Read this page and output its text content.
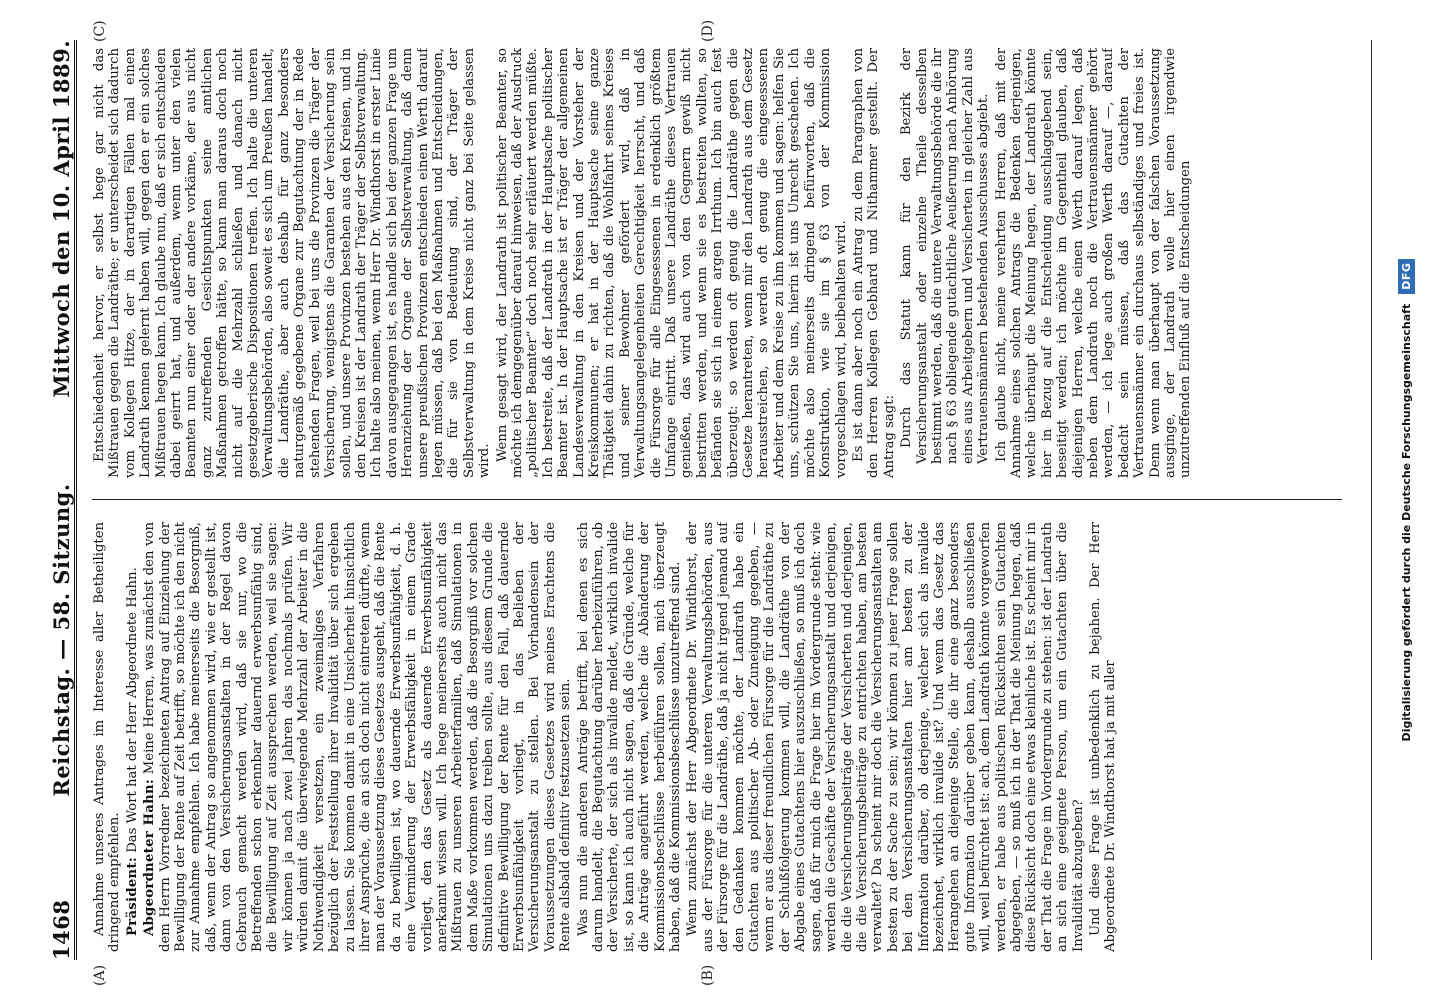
1468
Reichstag. — 58. Sitzung.
Mittwoch den 10. April 1889.
(A)	(B)
(C)	(D)

Annahme unseres Antrages im Interesse aller Betheiligten dringend empfehlen. Präsident: Das Wort hat der Herr Abgeordnete Hahn.

Abgeordneter Hahn: Meine Herren, was zunächst den von dem Herrn Vorredner bezeichneten Antrag auf Einziehung der Bewilligung der Rente auf Zeit betrifft, so möchte ich den nicht zur Annahme empfehlen. Ich habe meinerseits die Besorgniß, daß, wenn der Antrag so angenommen wird, wie er gestellt ist, dann von den Versicherungsanstalten in der Regel davon Gebrauch gemacht werden wird, daß sie nur, wo die Betreffenden schon erkennbar dauernd erwerbsunfähig sind, die Bewilligung auf Zeit aussprechen werden, weil sie sagen: wir können ja nach zwei Jahren das nochmals prüfen. Wir würden damit die überwiegende Mehrzahl der Arbeiter in die Nothwendigkeit versetzen, ein zweimaliges Verfahren bezüglich der Feststellung ihrer Invalidität über sich ergehen zu lassen. Sie kommen damit in eine Unsicherheit hinsichtlich ihrer Ansprüche, die an sich doch nicht eintreten dürfte, wenn man der Voraussetzung dieses Gesetzes ausgeht, daß die Rente da zu bewilligen ist, wo dauernde Erwerbsunfähigkeit, d. h. eine Verminderung der Erwerbsfähigkeit in einem Grade vorliegt, den das Gesetz als dauernde Erwerbsunfähigkeit anerkannt wissen will. Ich hege meinerseits auch nicht das Mißtrauen zu unseren Arbeiterfamilien, daß Simulationen in dem Maße vorkommen werden, daß die Besorgniß vor solchen Simulationen uns dazu treiben sollte, aus diesem Grunde die definitive Bewilligung der Rente für den Fall, daß dauernde Erwerbsunfähigkeit vorliegt, in das Belieben der Versicherungsanstalt zu stellen. Bei Vorhandensein der Voraussetzungen dieses Gesetzes wird meines Erachtens die Rente alsbald definitiv festzusetzen sein. Was nun die anderen Anträge betrifft, bei denen es sich darum handelt, die Begutachtung darüber herbeizuführen, ob der Versicherte, der sich als invalide meldet, wirklich invalide ist, so kann ich auch nicht sagen, daß die Gründe, welche für die Anträge angeführt werden, welche die Abänderung der Kommissionsbeschlüsse herbeiführen sollen, mich überzeugt haben, daß die Kommissionsbeschlüsse unzutreffend sind. Wenn zunächst der Herr Abgeordnete Dr. Windthorst, der aus der Fürsorge für die unteren Verwaltungsbehörden, aus der Fürsorge für die Landräthe, daß ja nicht irgend jemand auf den Gedanken kommen möchte, der Landrath habe ein Gutachten aus politischer Ab- oder Zuneigung gegeben, — wenn er aus dieser freundlichen Fürsorge für die Landräthe zu der Schlußfolgerung kommen will, die Landräthe von der Abgabe eines Gutachtens hier auszuschließen, so muß ich doch sagen, daß für mich die Frage hier im Vordergrunde steht: wie werden die Geschäfte der Versicherungsanstalt und derjenigen, die die Versicherungsbeiträge der Versicherten und derjenigen, die die Versicherungsbeiträge zu entrichten haben, am besten verwaltet? Da scheint mir doch die Versicherungsanstalten am besten zu der Sache zu sein; wir können zu jener Frage sollen bei den Versicherungsanstalten hier am besten zu der Information darüber, ob derjenige, welcher sich als invalide bezeichnet, wirklich invalide ist? Und wenn das Gesetz das Herangehen an diejenige Stelle, die ihr eine ganz besonders gute Information darüber geben kann, deshalb ausschließen will, weil befürchtet ist: ach, dem Landrath könnte vorgeworfen werden, er habe aus politischen Rücksichten sein Gutachten abgegeben, — so muß ich in der That die Meinung hegen, daß diese Rücksicht doch eine etwas kleinliche ist. Es scheint mir in der That die Frage im Vordergrunde zu stehen: ist der Landrath an sich eine geeignete Person, um ein Gutachten über die Invalidität abzugeben? Und diese Frage ist unbedenklich zu bejahen. Der Herr Abgeordnete Dr. Windthorst hat ja mit aller

Entschiedenheit hervor, er selbst hege gar nicht das Mißtrauen gegen die Landräthe; er unterscheidet sich dadurch vom Kollegen Hitze, der in derartigen Fällen mal einen Landrath kennen gelernt haben will, gegen den er ein solches Mißtrauen hegen kann. Ich glaube nun, daß er sich entschieden dabei geirrt hat, und außerdem, wenn unter den vielen Beamten nun einer oder der andere vorkäme, der aus nicht ganz zutreffenden Gesichtspunkten seine amtlichen Maßnahmen getroffen hätte, so kann man daraus doch noch nicht auf die Mehrzahl schließen und danach nicht gesetzgeberische Dispositionen treffen. Ich halte die unteren Verwaltungsbehörden, also soweit es sich um Preußen handelt, die Landräthe, aber auch deshalb für ganz besonders naturgemäß gegebene Organe zur Begutachtung der in Rede stehenden Fragen, weil bei uns die Provinzen die Träger der Versicherung, wenigstens die Garanten der Versicherung sein sollen, und unsere Provinzen bestehen aus den Kreisen, und in den Kreisen ist der Landrath der Träger der Selbstverwaltung. Ich halte also meinen, wenn Herr Dr. Windthorst in erster Linie davon ausgegangen ist, es handle sich bei der ganzen Frage um Heranziehung der Organe der Selbstverwaltung, daß denn unsere preußischen Provinzen entschieden einen Werth darauf legen müssen, daß bei den Maßnahmen und Entscheidungen, die für sie von Bedeutung sind, der Träger der Selbstverwaltung in dem Kreise nicht ganz bei Seite gelassen wird. Wenn gesagt wird, der Landrath ist politischer Beamter, so möchte ich demgegenüber darauf hinweisen, daß der Ausdruck „politischer Beamter“ doch noch sehr erläutert werden müßte. Ich bestreite, daß der Landrath in der Hauptsache politischer Beamter ist. In der Hauptsache ist er Träger der allgemeinen Landesverwaltung in den Kreisen und der Vorsteher der Kreiskommunen; er hat in der Hauptsache seine ganze Thätigkeit dahin zu richten, daß die Wohlfahrt seines Kreises und seiner Bewohner gefördert wird, daß in Verwaltungsangelegenheiten Gerechtigkeit herrscht, und daß die Fürsorge für alle Eingesessenen in erdenklich größtem Umfange eintritt. Daß unsere Landräthe dieses Vertrauen genießen, das wird auch von den Gegnern gewiß nicht bestritten werden, und wenn sie es bestreiten wollten, so befänden sie sich in einem argen Irrthum. Ich bin auch fest überzeugt: so werden oft genug die Landräthe gegen die Gesetze herantreten, wenn mir den Landrath aus dem Gesetz herausstreichen, so werden oft genug die eingesessenen Arbeiter und dem Kreise zu ihm kommen und sagen: helfen Sie uns, schützen Sie uns, hierin ist uns Unrecht geschehen. Ich möchte also meinerseits dringend befürworten, daß die Konstruktion, wie sie im § 63 von der Kommission vorgeschlagen wird, beibehalten wird. Es ist dann aber noch ein Antrag zu dem Paragraphen von den Herren Kollegen Gebhard und Nithammer gestellt. Der Antrag sagt: Durch das Statut kann für den Bezirk der Versicherungsanstalt oder einzelne Theile desselben bestimmt werden, daß die untere Verwaltungsbehörde die ihr nach § 63 obliegende gutachtliche Aeußerung nach Anhörung eines aus Arbeitgebern und Versicherten in gleicher Zahl aus Vertrauensmännern bestehenden Ausschusses abgiebt. Ich glaube nicht, meine verehrten Herren, daß mit der Annahme eines solchen Antrags die Bedenken derjenigen, welche überhaupt die Meinung hegen, der Landrath könnte hier in Bezug auf die Entscheidung ausschlaggebend sein, beseitigt werden; ich möchte im Gegentheil glauben, daß diejenigen Herren, welche einen Werth darauf legen, daß neben dem Landrath noch die Vertrauensmänner gehört werden, — ich lege auch großen Werth darauf —, darauf bedacht sein müssen, daß das Gutachten der Vertrauensmänner ein durchaus selbständiges und freies ist. Denn wenn man überhaupt von der falschen Voraussetzung ausginge, der Landrath wolle hier einen irgendwie unzutreffenden Einfluß auf die Entscheidungen	Digitalisierung gefördert durch die Deutsche Forschungsgemeinschaft
DFG
